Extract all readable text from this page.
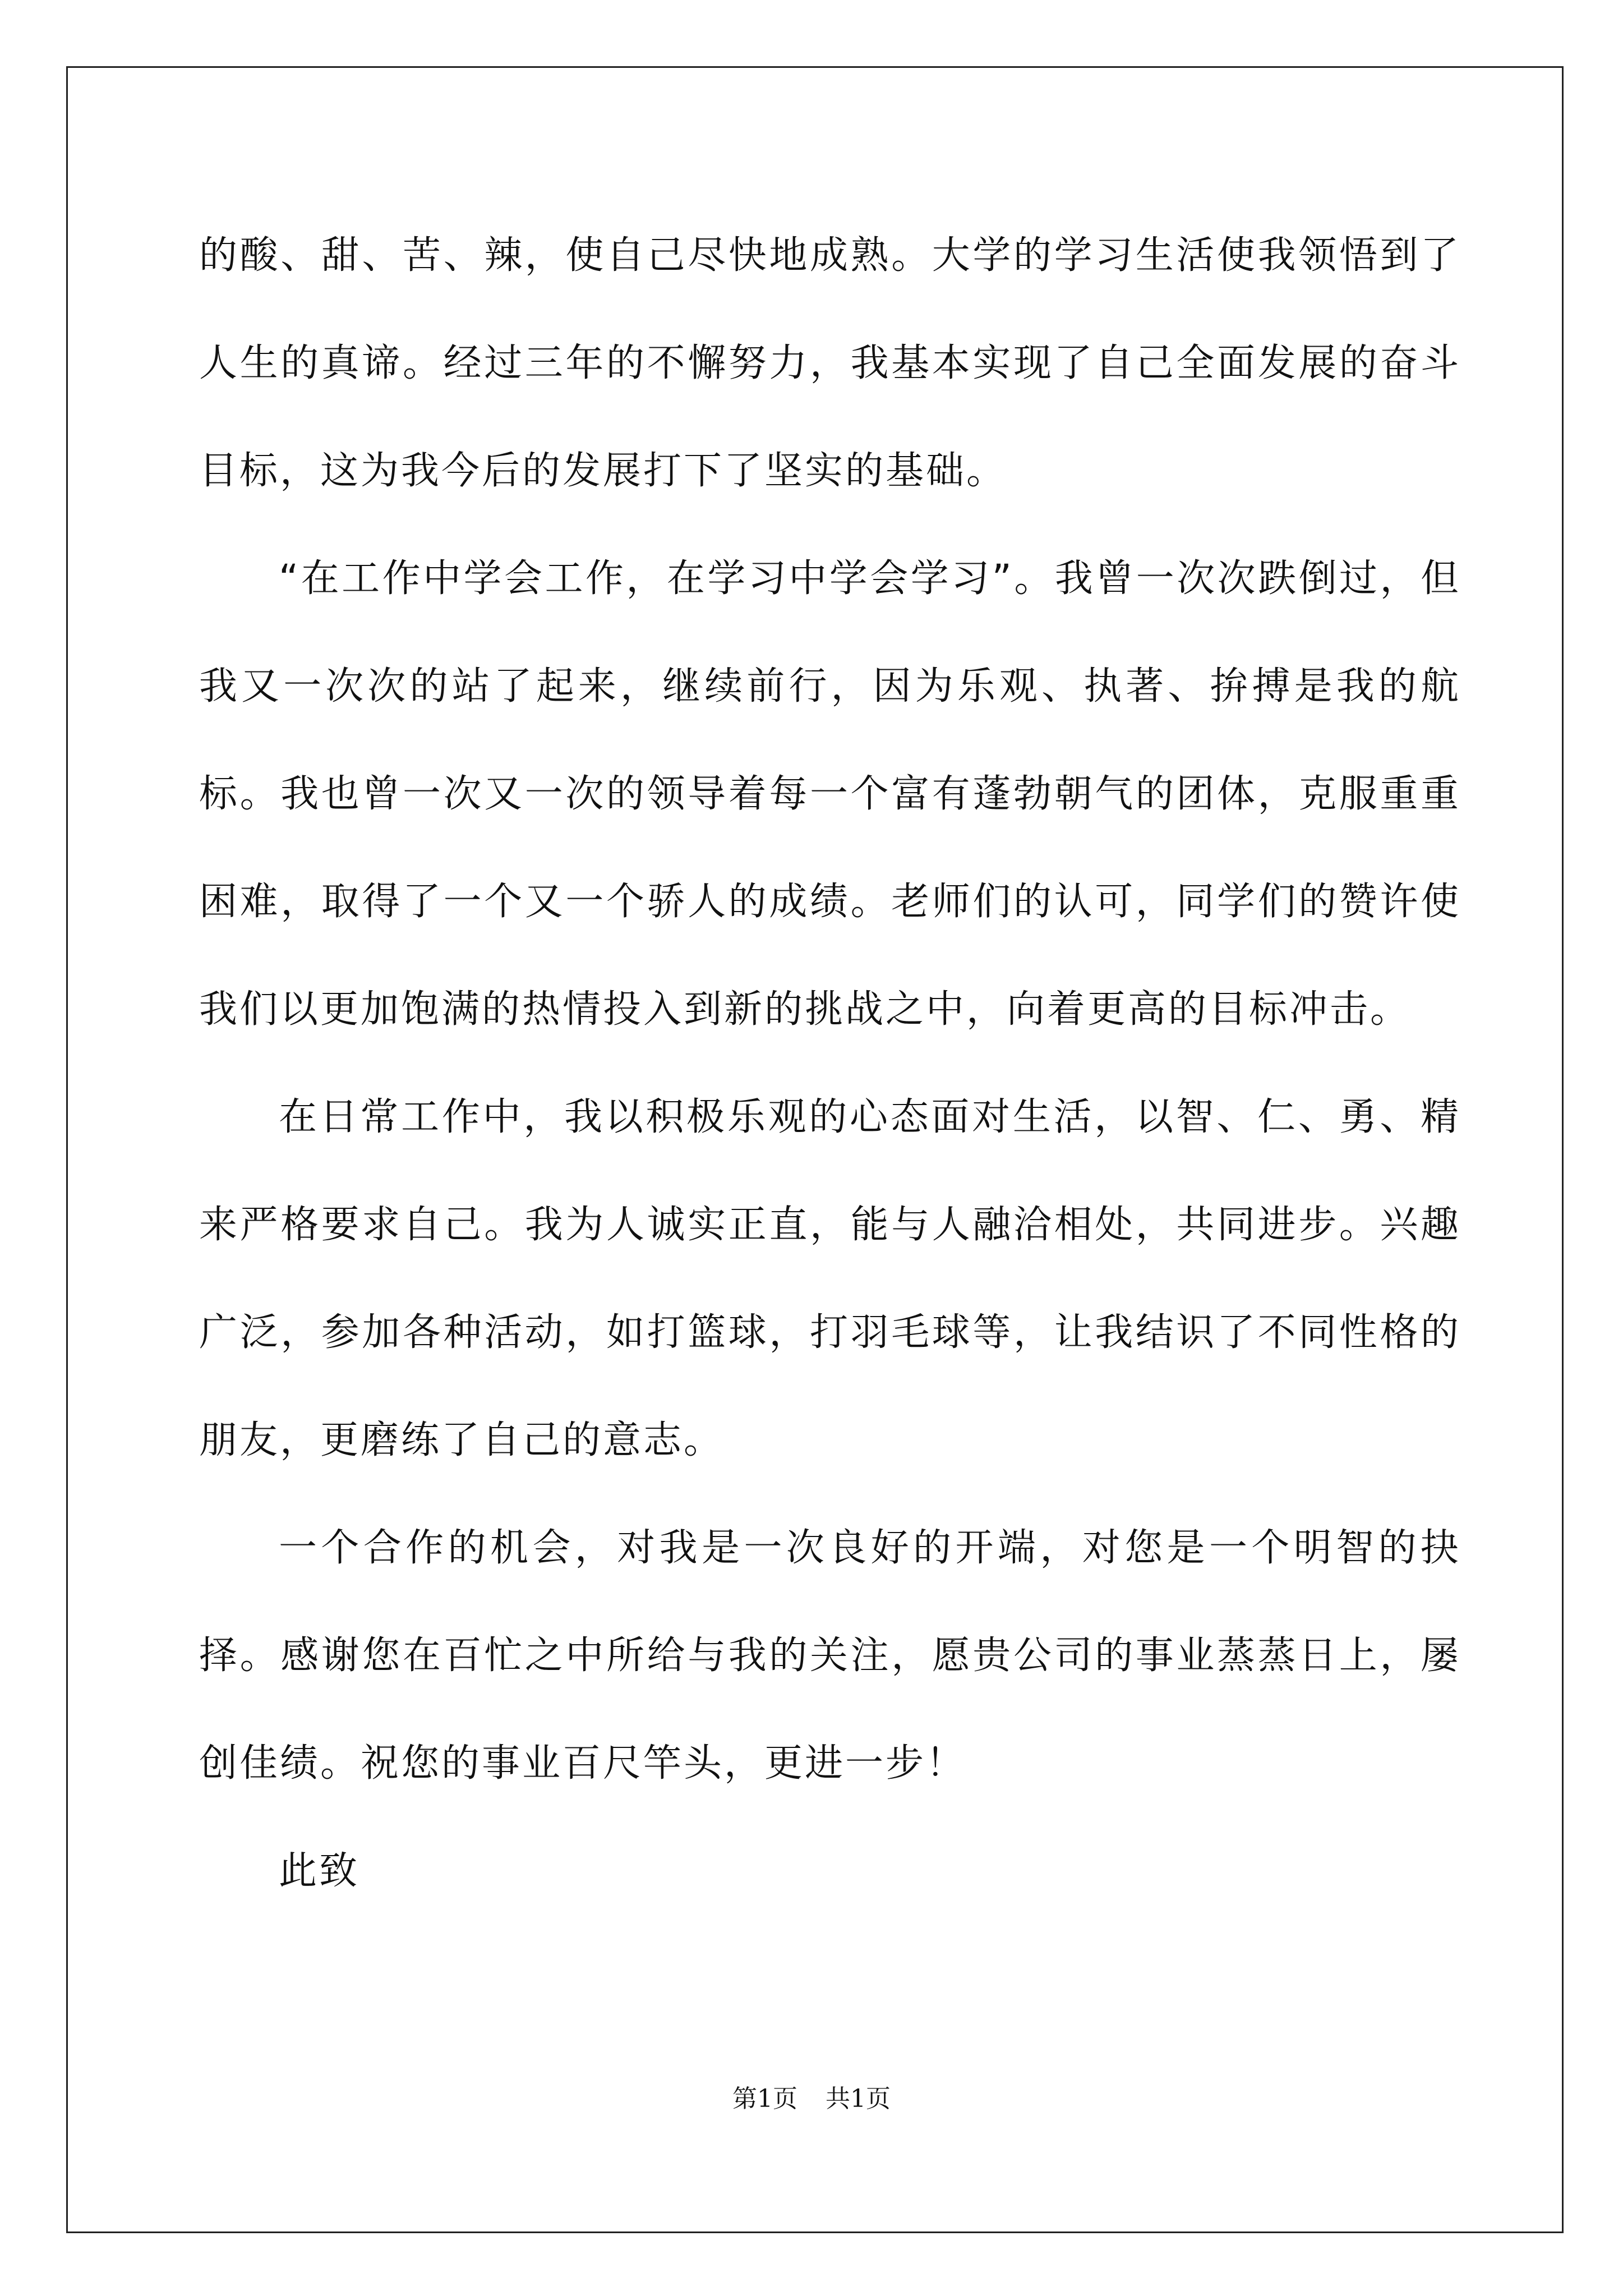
的酸、甜、苦、辣，使自己尽快地成熟。大学的学习生活使我领悟到了人生的真谛。经过三年的不懈努力，我基本实现了自己全面发展的奋斗目标，这为我今后的发展打下了坚实的基础。

“在工作中学会工作，在学习中学会学习”。我曾一次次跌倒过，但我又一次次的站了起来，继续前行，因为乐观、执著、拚搏是我的航标。我也曾一次又一次的领导着每一个富有蓬勃朝气的团体，克服重重困难，取得了一个又一个骄人的成绩。老师们的认可，同学们的赞许使我们以更加饱满的热情投入到新的挑战之中，向着更高的目标冲击。

在日常工作中，我以积极乐观的心态面对生活，以智、仁、勇、精来严格要求自己。我为人诚实正直，能与人融洽相处，共同进步。兴趣广泛，参加各种活动，如打篮球，打羽毛球等，让我结识了不同性格的朋友，更磨练了自己的意志。

一个合作的机会，对我是一次良好的开端，对您是一个明智的抉择。感谢您在百忙之中所给与我的关注，愿贵公司的事业蒸蒸日上，屡创佳绩。祝您的事业百尺竿头，更进一步！

此致

第1页 共1页
